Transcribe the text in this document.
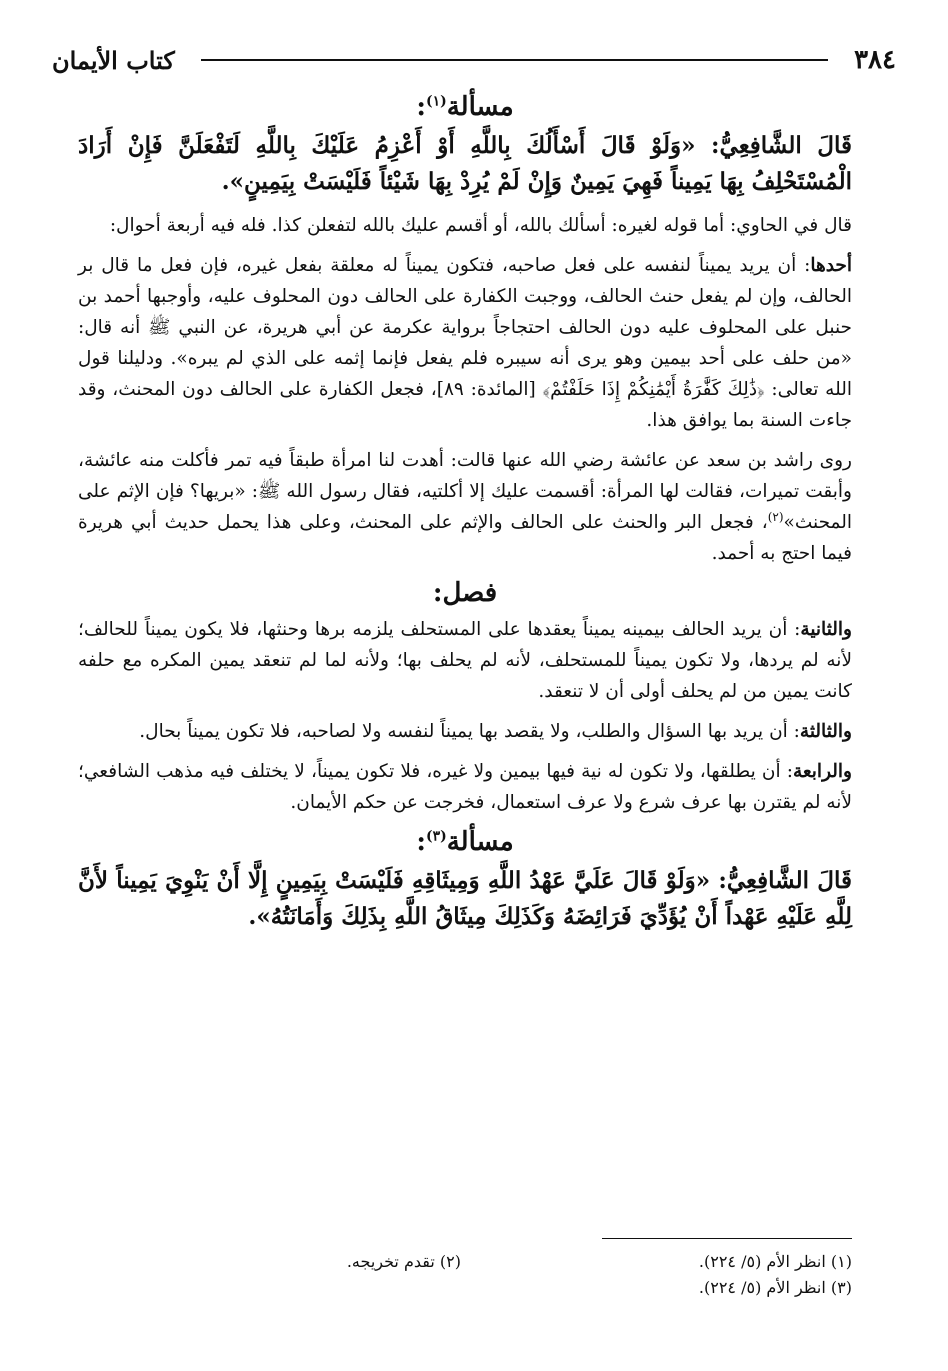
٣٨٤
كتاب الأيمان
مسألة$^{(١)}$:

قَالَ الشَّافِعِيُّ: «وَلَوْ قَالَ أَسْأَلُكَ بِاللَّهِ أَوْ أَعْزِمُ عَلَيْكَ بِاللَّهِ لَتَفْعَلَنَّ فَإِنْ أَرَادَ الْمُسْتَحْلِفُ بِهَا يَمِيناً فَهِيَ يَمِينٌ وَإِنْ لَمْ يُرِدْ بِهَا شَيْئاً فَلَيْسَتْ بِيَمِينٍ».

قال في الحاوي: أما قوله لغيره: أسألك بالله، أو أقسم عليك بالله لتفعلن كذا. فله فيه أربعة أحوال:

أحدها: أن يريد يميناً لنفسه على فعل صاحبه، فتكون يميناً له معلقة بفعل غيره، فإن فعل ما قال بر الحالف، وإن لم يفعل حنث الحالف، ووجبت الكفارة على الحالف دون المحلوف عليه، وأوجبها أحمد بن حنبل على المحلوف عليه دون الحالف احتجاجاً برواية عكرمة عن أبي هريرة، عن النبي ﷺ أنه قال: «من حلف على أحد بيمين وهو يرى أنه سيبره فلم يفعل فإنما إثمه على الذي لم يبره». ودليلنا قول الله تعالى: ﴿ذَٰلِكَ كَفَّٰرَةُ أَيْمَٰنِكُمْ إِذَا حَلَفْتُمْ﴾ [المائدة: ٨٩]، فجعل الكفارة على الحالف دون المحنث، وقد جاءت السنة بما يوافق هذا.

روى راشد بن سعد عن عائشة رضي الله عنها قالت: أهدت لنا امرأة طبقاً فيه تمر فأكلت منه عائشة، وأبقت تميرات، فقالت لها المرأة: أقسمت عليك إلا أكلتيه، فقال رسول الله ﷺ: «بريها؟ فإن الإثم على المحنث»$^{(٢)}$، فجعل البر والحنث على الحالف والإثم على المحنث، وعلى هذا يحمل حديث أبي هريرة فيما احتج به أحمد.

فصل:

والثانية: أن يريد الحالف بيمينه يميناً يعقدها على المستحلف يلزمه برها وحنثها، فلا يكون يميناً للحالف؛ لأنه لم يردها، ولا تكون يميناً للمستحلف، لأنه لم يحلف بها؛ ولأنه لما لم تنعقد يمين المكره مع حلفه كانت يمين من لم يحلف أولى أن لا تنعقد.

والثالثة: أن يريد بها السؤال والطلب، ولا يقصد بها يميناً لنفسه ولا لصاحبه، فلا تكون يميناً بحال.

والرابعة: أن يطلقها، ولا تكون له نية فيها بيمين ولا غيره، فلا تكون يميناً، لا يختلف فيه مذهب الشافعي؛ لأنه لم يقترن بها عرف شرع ولا عرف استعمال، فخرجت عن حكم الأيمان.

مسألة$^{(٣)}$:

قَالَ الشَّافِعِيُّ: «وَلَوْ قَالَ عَلَيَّ عَهْدُ اللَّهِ وَمِيثَاقِهِ فَلَيْسَتْ بِيَمِينٍ إِلَّا أَنْ يَنْوِيَ يَمِيناً لأَنَّ لِلَّهِ عَلَيْهِ عَهْداً أَنْ يُؤَدِّيَ فَرَائِضَهُ وَكَذَلِكَ مِيثَاقُ اللَّهِ بِذَلِكَ وَأَمَانَتُهُ».

(١) انظر الأم (٥/ ٢٢٤).
(٢) تقدم تخريجه.
(٣) انظر الأم (٥/ ٢٢٤).
